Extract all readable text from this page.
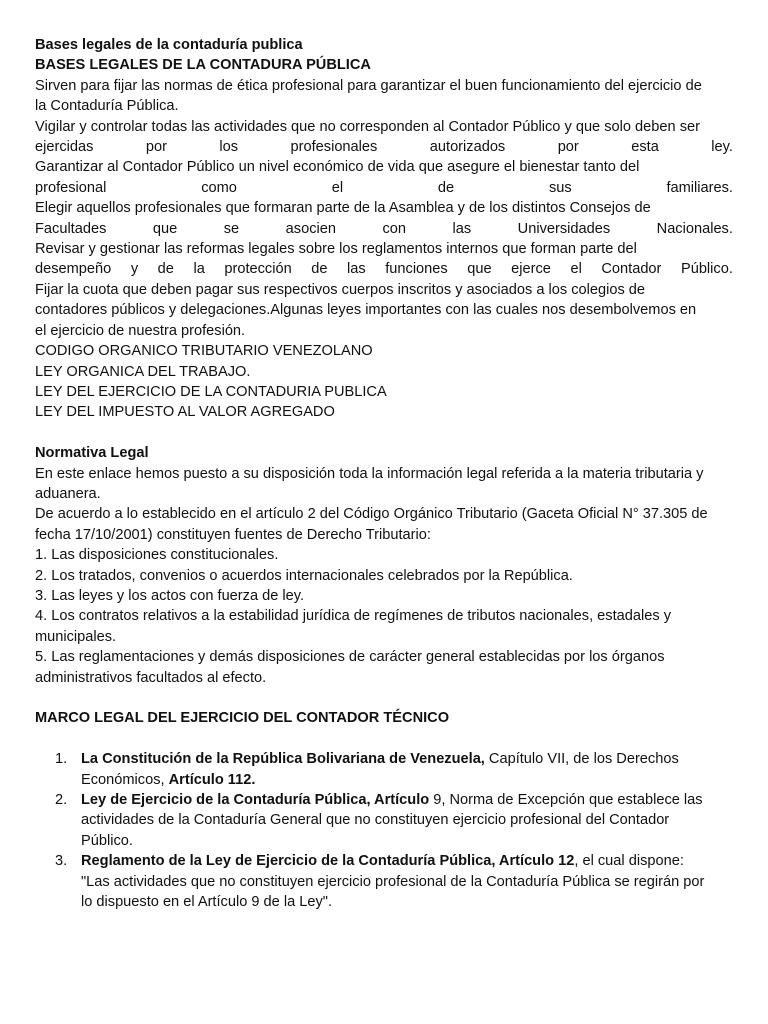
Bases legales de la contaduría publica
BASES LEGALES DE LA CONTADURA PÚBLICA
Sirven para fijar las normas de ética profesional para garantizar el buen funcionamiento del ejercicio de
la Contaduría Pública.
Vigilar y controlar todas las actividades que no corresponden al Contador Público y que solo deben ser
ejercidas	por	los	profesionales	autorizados	por	esta	ley.
Garantizar al Contador Público un nivel económico de vida que asegure el bienestar tanto del
profesional	como	el	de	sus	familiares.
Elegir aquellos profesionales que formaran parte de la Asamblea y de los distintos Consejos de
Facultades	que	se	asocien	con	las	Universidades	Nacionales.
Revisar y gestionar las reformas legales sobre los reglamentos internos que forman parte del
desempeño y de la protección de las funciones que ejerce el Contador Público.
Fijar la cuota que deben pagar sus respectivos cuerpos inscritos y asociados a los colegios de
contadores públicos y delegaciones.Algunas leyes importantes con las cuales nos desembolvemos en
el ejercicio de nuestra profesión.
CODIGO ORGANICO TRIBUTARIO VENEZOLANO
LEY ORGANICA DEL TRABAJO.
LEY DEL EJERCICIO DE LA CONTADURIA PUBLICA
LEY DEL IMPUESTO AL VALOR AGREGADO
Normativa Legal
En este enlace hemos puesto a su disposición toda la información legal referida a la materia tributaria y
aduanera.
De acuerdo a lo establecido en el artículo 2 del Código Orgánico Tributario (Gaceta Oficial N° 37.305 de
fecha 17/10/2001) constituyen fuentes de Derecho Tributario:
1. Las disposiciones constitucionales.
2. Los tratados, convenios o acuerdos internacionales celebrados por la República.
3. Las leyes y los actos con fuerza de ley.
4. Los contratos relativos a la estabilidad jurídica de regímenes de tributos nacionales, estadales y
municipales.
5. Las reglamentaciones y demás disposiciones de carácter general establecidas por los órganos
administrativos facultados al efecto.
MARCO LEGAL DEL EJERCICIO DEL CONTADOR TÉCNICO
1. La Constitución de la República Bolivariana de Venezuela, Capítulo VII, de los Derechos
Económicos, Artículo 112.
2. Ley de Ejercicio de la Contaduría Pública, Artículo 9, Norma de Excepción que establece las
actividades de la Contaduría General que no constituyen ejercicio profesional del Contador
Público.
3. Reglamento de la Ley de Ejercicio de la Contaduría Pública, Artículo 12, el cual dispone:
"Las actividades que no constituyen ejercicio profesional de la Contaduría Pública se regirán por
lo dispuesto en el Artículo 9 de la Ley".
